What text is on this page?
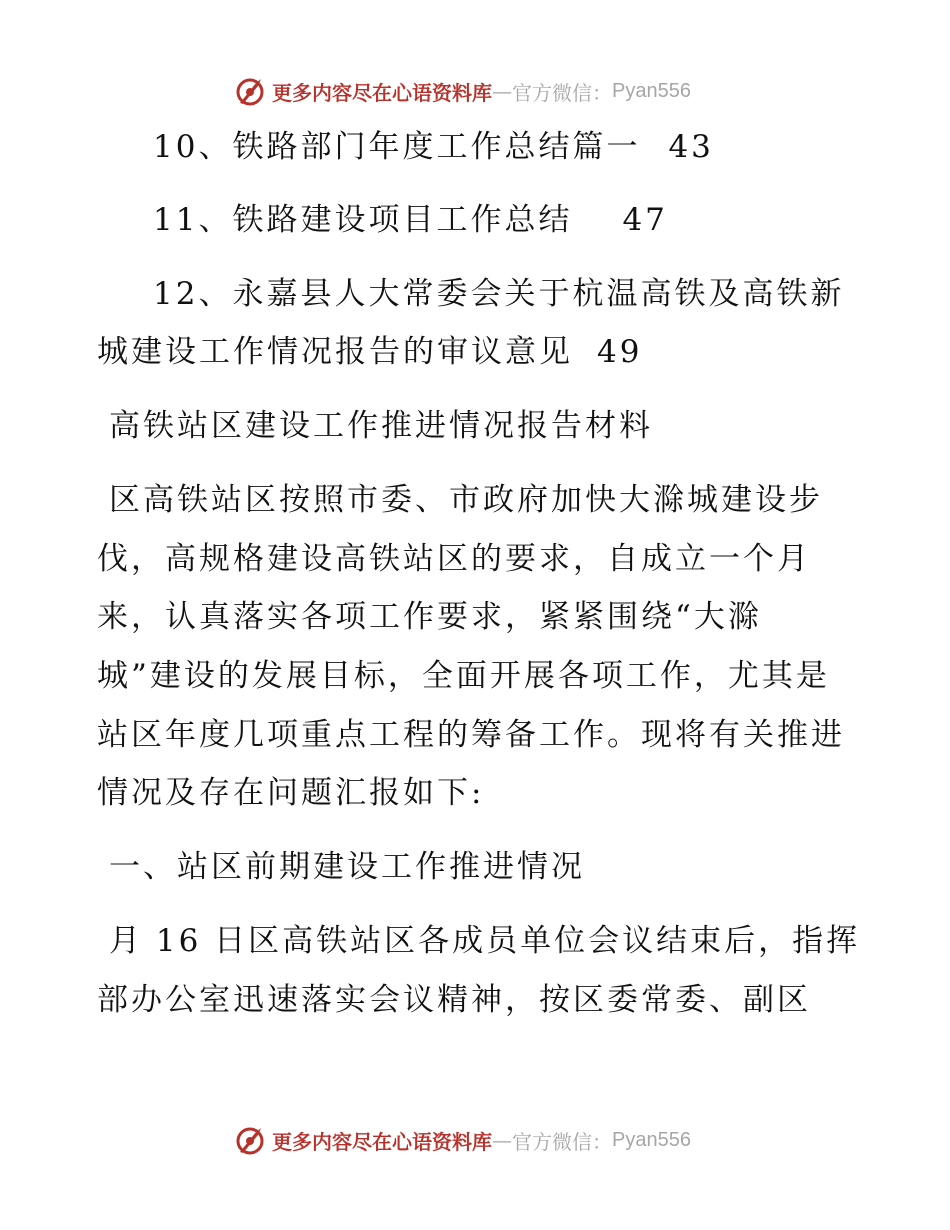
更多内容尽在心语资料库 — 官方微信： Pyan556
10、铁路部门年度工作总结篇一 43
11、铁路建设项目工作总结 47
12、永嘉县人大常委会关于杭温高铁及高铁新
城建设工作情况报告的审议意见 49
高铁站区建设工作推进情况报告材料
区高铁站区按照市委、市政府加快大滁城建设步
伐，高规格建设高铁站区的要求，自成立一个月
来，认真落实各项工作要求，紧紧围绕“大滁
城”建设的发展目标，全面开展各项工作，尤其是
站区年度几项重点工程的筹备工作。现将有关推进
情况及存在问题汇报如下:
一、站区前期建设工作推进情况
月 16 日区高铁站区各成员单位会议结束后，指挥
部办公室迅速落实会议精神，按区委常委、副区
更多内容尽在心语资料库 — 官方微信： Pyan556
